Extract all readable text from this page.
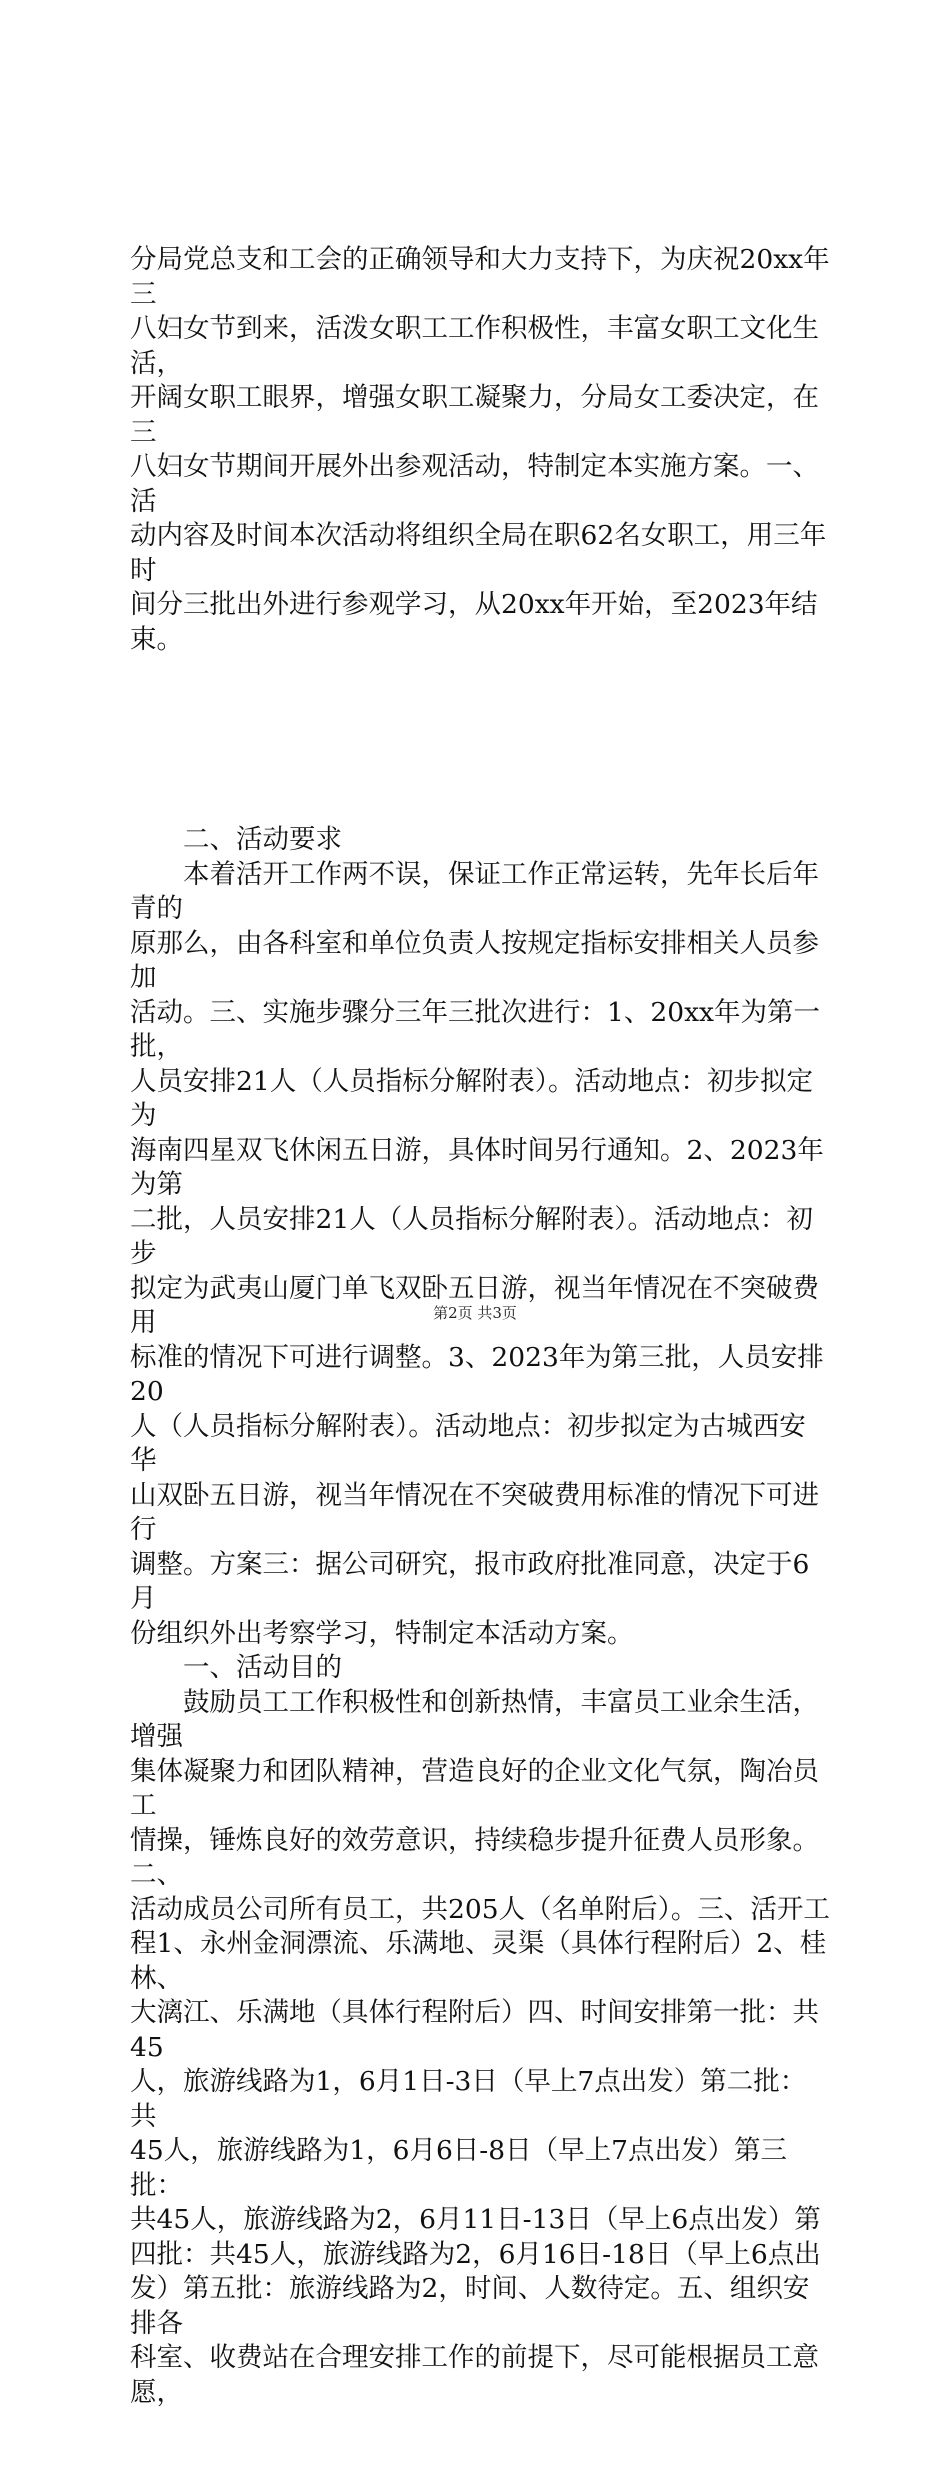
分局党总支和工会的正确领导和大力支持下，为庆祝20xx年三
八妇女节到来，活泼女职工工作积极性，丰富女职工文化生活，
开阔女职工眼界，增强女职工凝聚力，分局女工委决定，在三
八妇女节期间开展外出参观活动，特制定本实施方案。一、活
动内容及时间本次活动将组织全局在职62名女职工，用三年时
间分三批出外进行参观学习，从20xx年开始，至2023年结束。

　　二、活动要求
　　本着活开工作两不误，保证工作正常运转，先年长后年青的
原那么，由各科室和单位负责人按规定指标安排相关人员参加
活动。三、实施步骤分三年三批次进行：1、20xx年为第一批，
人员安排21人（人员指标分解附表）。活动地点：初步拟定为
海南四星双飞休闲五日游，具体时间另行通知。2、2023年为第
二批，人员安排21人（人员指标分解附表）。活动地点：初步
拟定为武夷山厦门单飞双卧五日游，视当年情况在不突破费用
标准的情况下可进行调整。3、2023年为第三批，人员安排20
人（人员指标分解附表）。活动地点：初步拟定为古城西安华
山双卧五日游，视当年情况在不突破费用标准的情况下可进行
调整。方案三：据公司研究，报市政府批准同意，决定于6月
份组织外出考察学习，特制定本活动方案。
　　一、活动目的
　　鼓励员工工作积极性和创新热情，丰富员工业余生活，增强
集体凝聚力和团队精神，营造良好的企业文化气氛，陶冶员工
情操，锤炼良好的效劳意识，持续稳步提升征费人员形象。二、
活动成员公司所有员工，共205人（名单附后）。三、活开工
程1、永州金洞漂流、乐满地、灵渠（具体行程附后）2、桂林、
大漓江、乐满地（具体行程附后）四、时间安排第一批：共45
人，旅游线路为1，6月1日-3日（早上7点出发）第二批：共
45人，旅游线路为1，6月6日-8日（早上7点出发）第三批：
共45人，旅游线路为2，6月11日-13日（早上6点出发）第
四批：共45人，旅游线路为2，6月16日-18日（早上6点出
发）第五批：旅游线路为2，时间、人数待定。五、组织安排各
科室、收费站在合理安排工作的前提下，尽可能根据员工意愿，

第2页 共3页
